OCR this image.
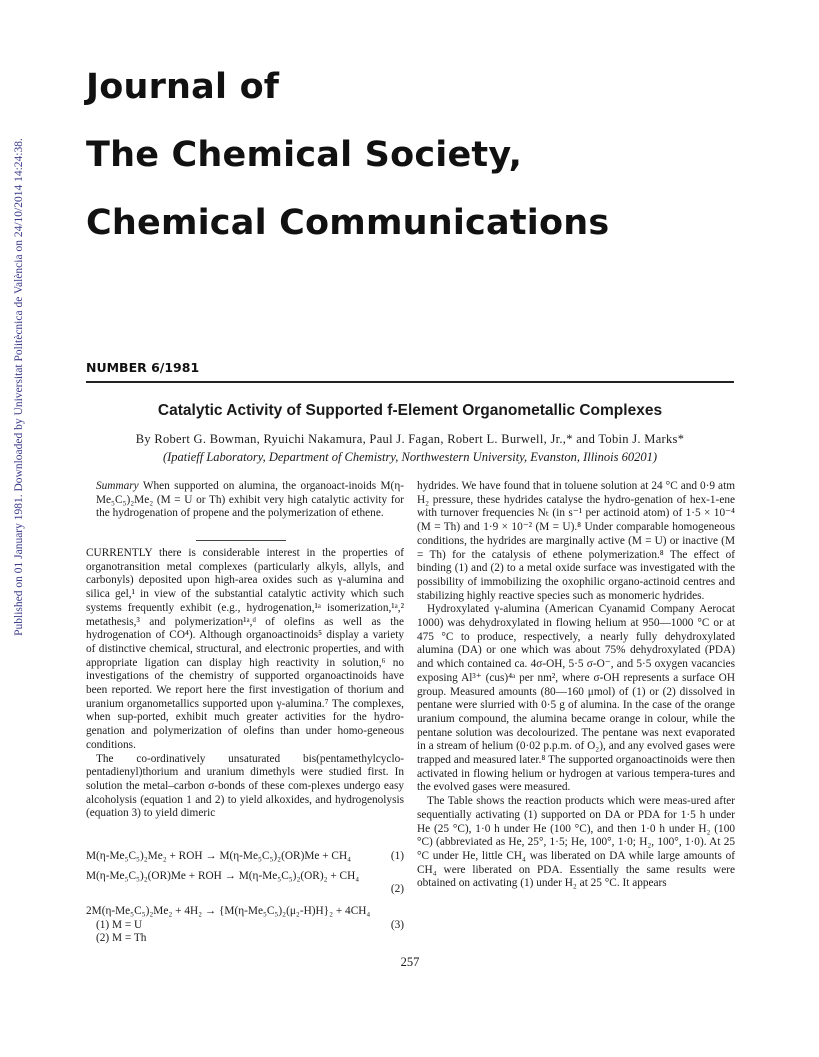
Published on 01 January 1981. Downloaded by Universitat Politècnica de València on 24/10/2014 14:24:38.
Journal of
The Chemical Society,
Chemical Communications
NUMBER 6/1981
Catalytic Activity of Supported f-Element Organometallic Complexes
By Robert G. Bowman, Ryuichi Nakamura, Paul J. Fagan, Robert L. Burwell, Jr.,* and Tobin J. Marks*
(Ipatieff Laboratory, Department of Chemistry, Northwestern University, Evanston, Illinois 60201)

Summary When supported on alumina, the organoact-inoids M(η-Me₅C₅)₂Me₂ (M = U or Th) exhibit very high catalytic activity for the hydrogenation of propene and the polymerization of ethene.

CURRENTLY there is considerable interest in the properties of organotransition metal complexes (particularly alkyls, allyls, and carbonyls) deposited upon high-area oxides such as γ-alumina and silica gel,¹ in view of the substantial catalytic activity which such systems frequently exhibit (e.g., hydrogenation,¹ᵃ isomerization,¹ᵃ,² metathesis,³ and polymerization¹ᵃ,ᵈ of olefins as well as the hydrogenation of CO⁴). Although organoactinoids⁵ display a variety of distinctive chemical, structural, and electronic properties, and with appropriate ligation can display high reactivity in solution,⁶ no investigations of the chemistry of supported organoactinoids have been reported. We report here the first investigation of thorium and uranium organometallics supported upon γ-alumina.⁷ The complexes, when sup-ported, exhibit much greater activities for the hydro-genation and polymerization of olefins than under homo-geneous conditions.

The co-ordinatively unsaturated bis(pentamethylcyclo-pentadienyl)thorium and uranium dimethyls were studied first. In solution the metal–carbon σ-bonds of these com-plexes undergo easy alcoholysis (equation 1 and 2) to yield alkoxides, and hydrogenolysis (equation 3) to yield dimeric

M(η-Me₅C₅)₂Me₂ + ROH → M(η-Me₅C₅)₂(OR)Me + CH₄	(1)
M(η-Me₅C₅)₂(OR)Me + ROH → M(η-Me₅C₅)₂(OR)₂ + CH₄
(2)
2M(η-Me₅C₅)₂Me₂ + 4H₂ → {M(η-Me₅C₅)₂(μ₂-H)H}₂ + 4CH₄
(1) M = U	(3)
(2) M = Th

hydrides. We have found that in toluene solution at 24 °C and 0·9 atm H₂ pressure, these hydrides catalyse the hydro-genation of hex-1-ene with turnover frequencies Nₜ (in s⁻¹ per actinoid atom) of 1·5 × 10⁻⁴ (M = Th) and 1·9 × 10⁻² (M = U).⁸ Under comparable homogeneous conditions, the hydrides are marginally active (M = U) or inactive (M = Th) for the catalysis of ethene polymerization.⁸ The effect of binding (1) and (2) to a metal oxide surface was investigated with the possibility of immobilizing the oxophilic organo-actinoid centres and stabilizing highly reactive species such as monomeric hydrides.

Hydroxylated γ-alumina (American Cyanamid Company Aerocat 1000) was dehydroxylated in flowing helium at 950—1000 °C or at 475 °C to produce, respectively, a nearly fully dehydroxylated alumina (DA) or one which was about 75% dehydroxylated (PDA) and which contained ca. 4σ-OH, 5·5 σ-O⁻, and 5·5 oxygen vacancies exposing Al³⁺ (cus)⁴ᵃ per nm², where σ-OH represents a surface OH group. Measured amounts (80—160 μmol) of (1) or (2) dissolved in pentane were slurried with 0·5 g of alumina. In the case of the orange uranium compound, the alumina became orange in colour, while the pentane solution was decolourized. The pentane was next evaporated in a stream of helium (0·02 p.p.m. of O₂), and any evolved gases were trapped and measured later.⁸ The supported organoactinoids were then activated in flowing helium or hydrogen at various tempera-tures and the evolved gases were measured.

The Table shows the reaction products which were meas-ured after sequentially activating (1) supported on DA or PDA for 1·5 h under He (25 °C), 1·0 h under He (100 °C), and then 1·0 h under H₂ (100 °C) (abbreviated as He, 25°, 1·5; He, 100°, 1·0; H₂, 100°, 1·0). At 25 °C under He, little CH₄ was liberated on DA while large amounts of CH₄ were liberated on PDA. Essentially the same results were obtained on activating (1) under H₂ at 25 °C. It appears

257
